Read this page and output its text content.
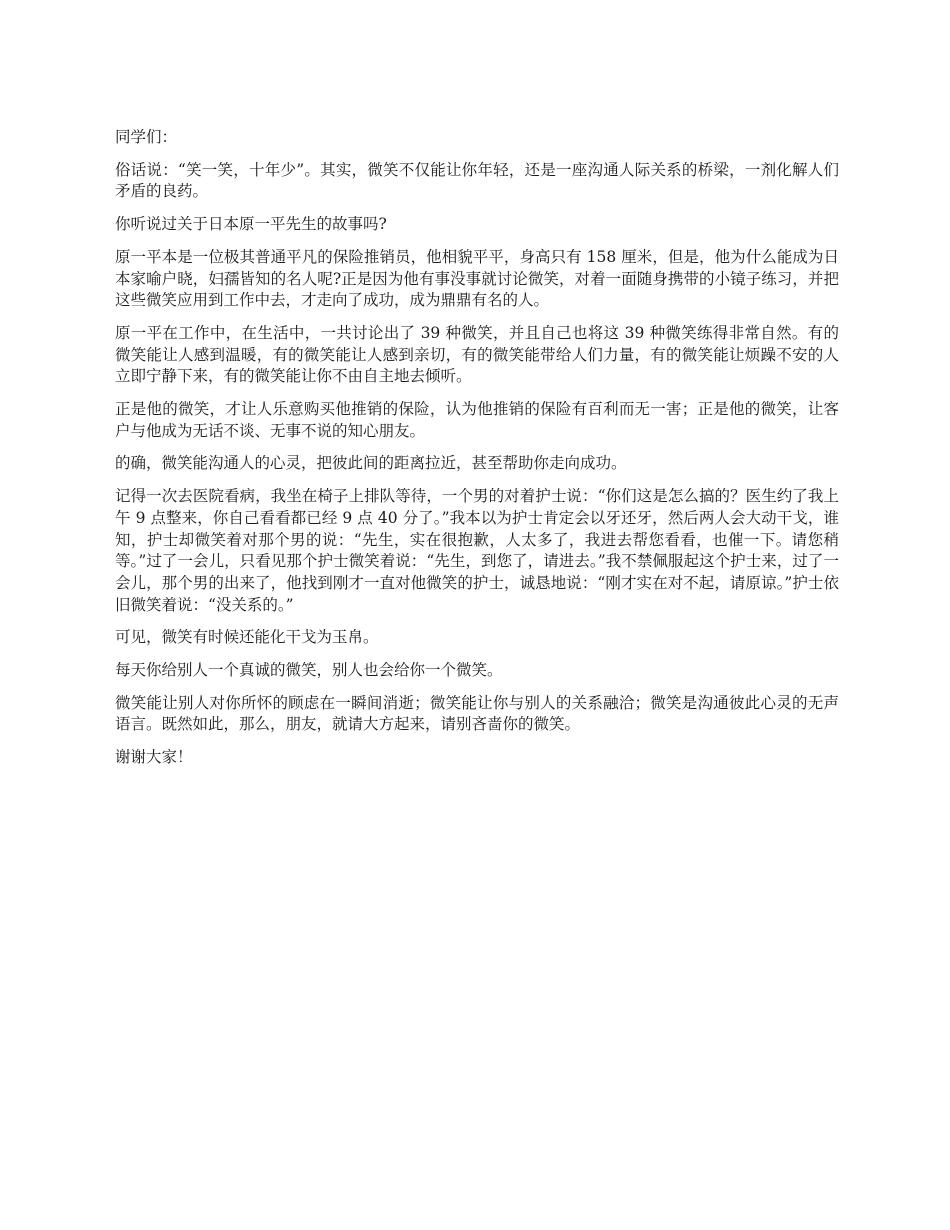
同学们：

俗话说：“笑一笑，十年少”。其实，微笑不仅能让你年轻，还是一座沟通人际关系的桥梁，一剂化解人们矛盾的良药。

你听说过关于日本原一平先生的故事吗?

原一平本是一位极其普通平凡的保险推销员，他相貌平平，身高只有 158 厘米，但是，他为什么能成为日本家喻户晓，妇孺皆知的名人呢?正是因为他有事没事就讨论微笑，对着一面随身携带的小镜子练习，并把这些微笑应用到工作中去，才走向了成功，成为鼎鼎有名的人。

原一平在工作中，在生活中，一共讨论出了 39 种微笑，并且自己也将这 39 种微笑练得非常自然。有的微笑能让人感到温暖，有的微笑能让人感到亲切，有的微笑能带给人们力量，有的微笑能让烦躁不安的人立即宁静下来，有的微笑能让你不由自主地去倾听。

正是他的微笑，才让人乐意购买他推销的保险，认为他推销的保险有百利而无一害；正是他的微笑，让客户与他成为无话不谈、无事不说的知心朋友。

的确，微笑能沟通人的心灵，把彼此间的距离拉近，甚至帮助你走向成功。

记得一次去医院看病，我坐在椅子上排队等待，一个男的对着护士说：“你们这是怎么搞的？医生约了我上午 9 点整来，你自己看看都已经 9 点 40 分了。”我本以为护士肯定会以牙还牙，然后两人会大动干戈，谁知，护士却微笑着对那个男的说：“先生，实在很抱歉，人太多了，我进去帮您看看，也催一下。请您稍等。”过了一会儿，只看见那个护士微笑着说：“先生，到您了，请进去。”我不禁佩服起这个护士来，过了一会儿，那个男的出来了，他找到刚才一直对他微笑的护士，诚恳地说：“刚才实在对不起，请原谅。”护士依旧微笑着说：“没关系的。”

可见，微笑有时候还能化干戈为玉帛。

每天你给别人一个真诚的微笑，别人也会给你一个微笑。

微笑能让别人对你所怀的顾虑在一瞬间消逝；微笑能让你与别人的关系融洽；微笑是沟通彼此心灵的无声语言。既然如此，那么，朋友，就请大方起来，请别吝啬你的微笑。

谢谢大家！
